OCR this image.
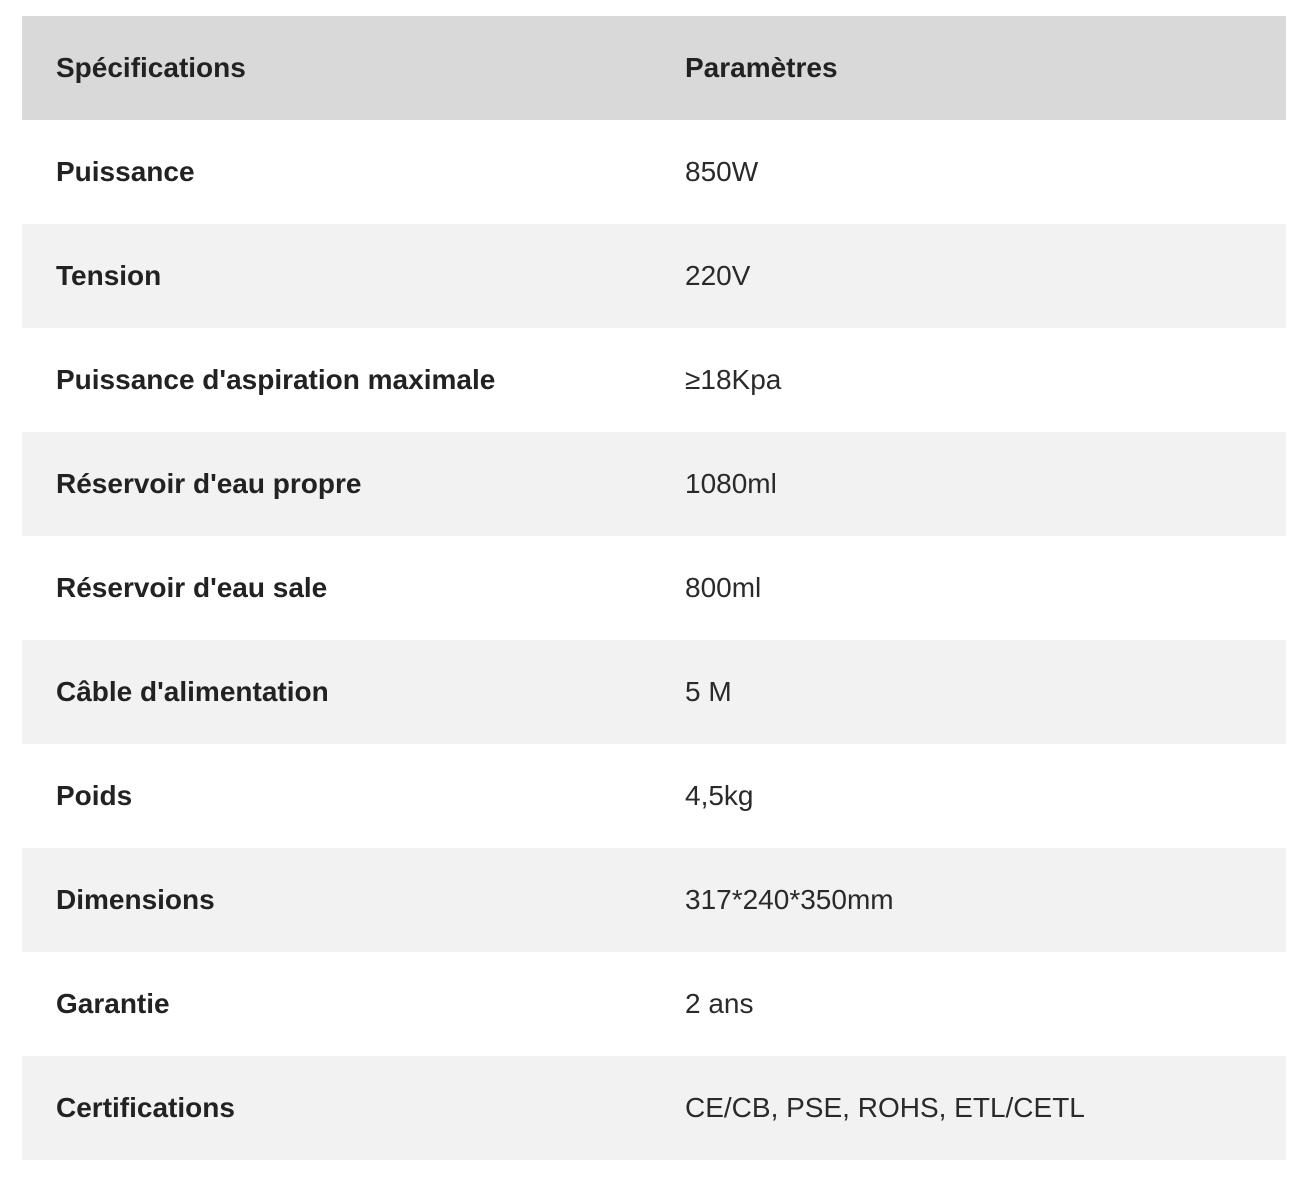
Spécifications	Paramètres
Puissance	850W
Tension	220V
Puissance d'aspiration maximale	≥18Kpa
Réservoir d'eau propre	1080ml
Réservoir d'eau sale	800ml
Câble d'alimentation	5 M
Poids	4,5kg
Dimensions	317*240*350mm
Garantie	2 ans
Certifications	CE/CB, PSE, ROHS, ETL/CETL
